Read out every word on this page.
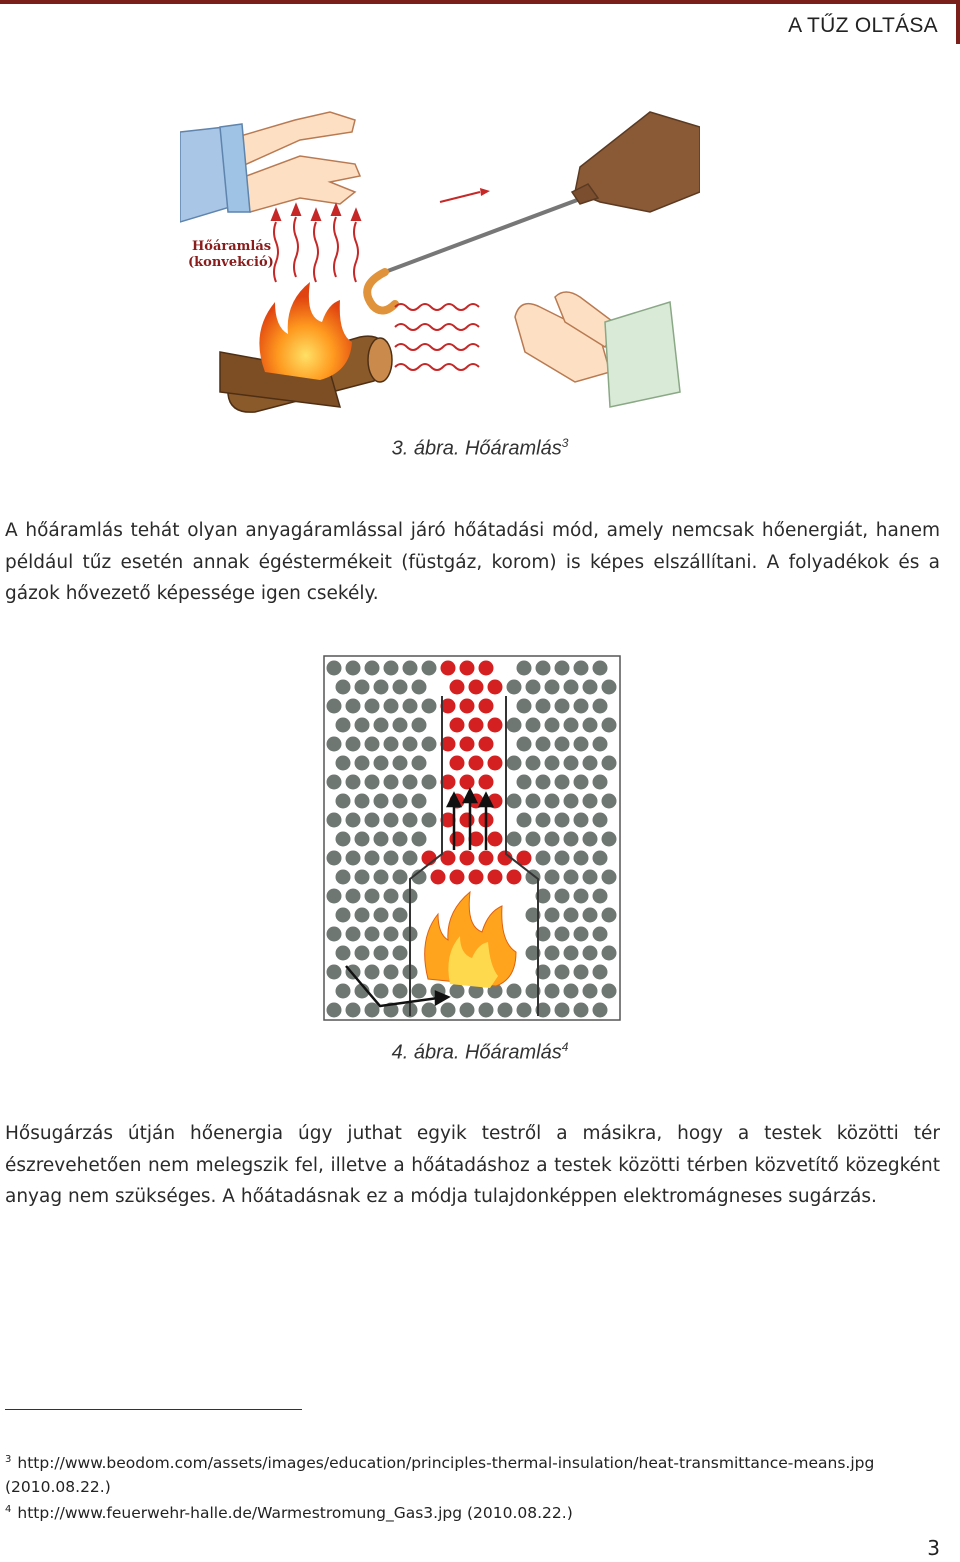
A TŰZ OLTÁSA
Hőáramlás
(konvekció)
3. ábra. Hőáramlás$^3$
A hőáramlás tehát olyan anyagáramlással járó hőátadási mód, amely nemcsak hőenergiát, hanem például tűz esetén annak égéstermékeit (füstgáz, korom) is képes elszállítani. A folyadékok és a gázok hővezető képessége igen csekély.
4. ábra. Hőáramlás$^4$
Hősugárzás útján hőenergia úgy juthat egyik testről a másikra, hogy a testek közötti tér észrevehetően nem melegszik fel, illetve a hőátadáshoz a testek közötti térben közvetítő közegként anyag nem szükséges. A hőátadásnak ez a módja tulajdonképpen elektromágneses sugárzás.
$^3$ http://www.beodom.com/assets/images/education/principles-thermal-insulation/heat-transmittance-means.jpg (2010.08.22.)
$^4$ http://www.feuerwehr-halle.de/Warmestromung_Gas3.jpg (2010.08.22.)
3
